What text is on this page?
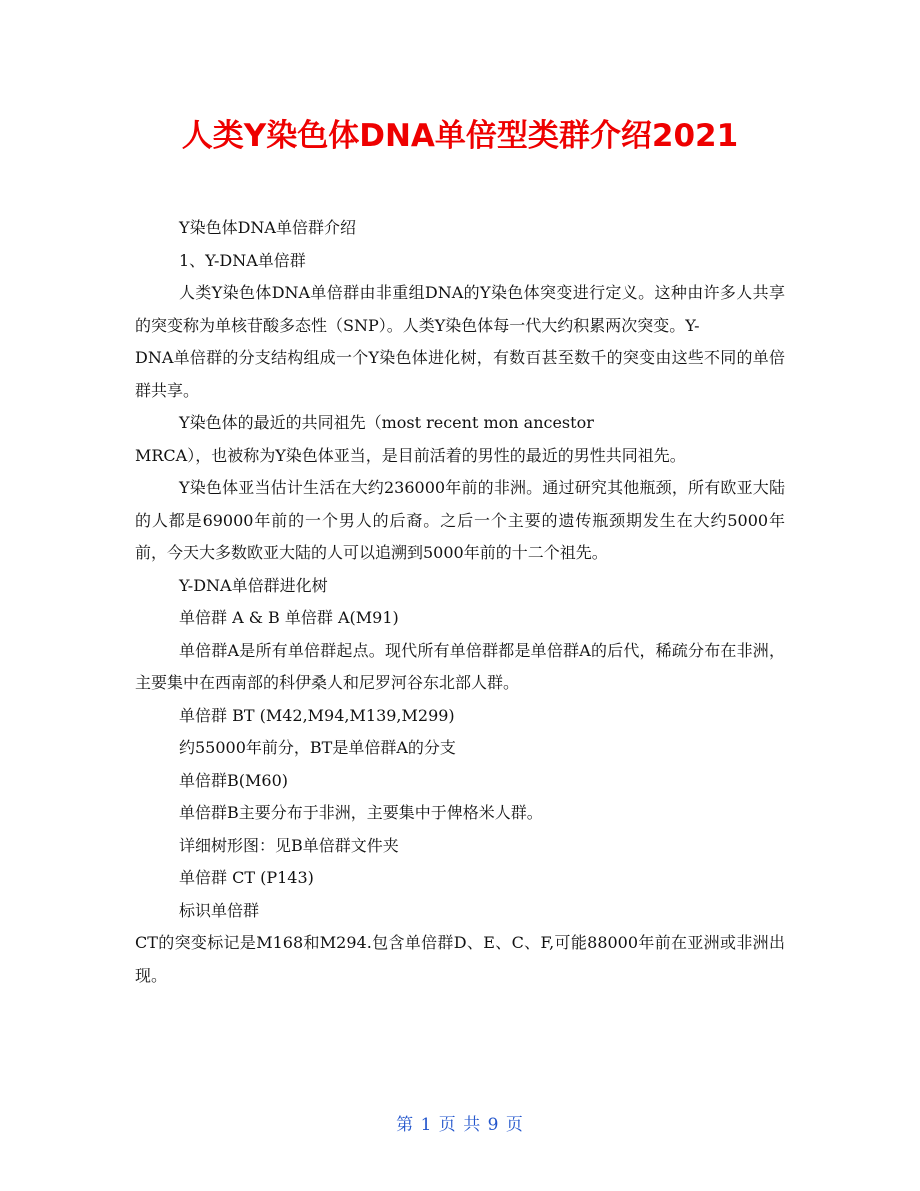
人类Y染色体DNA单倍型类群介绍2021

Y染色体DNA单倍群介绍

1、Y-DNA单倍群

人类Y染色体DNA单倍群由非重组DNA的Y染色体突变进行定义。这种由许多人共享的突变称为单核苷酸多态性（SNP）。人类Y染色体每一代大约积累两次突变。Y-

DNA单倍群的分支结构组成一个Y染色体进化树，有数百甚至数千的突变由这些不同的单倍群共享。

Y染色体的最近的共同祖先（most recent mon ancestor

MRCA），也被称为Y染色体亚当，是目前活着的男性的最近的男性共同祖先。

Y染色体亚当估计生活在大约236000年前的非洲。通过研究其他瓶颈，所有欧亚大陆的人都是69000年前的一个男人的后裔。之后一个主要的遗传瓶颈期发生在大约5000年前，今天大多数欧亚大陆的人可以追溯到5000年前的十二个祖先。

Y-DNA单倍群进化树

单倍群 A & B 单倍群 A(M91)

单倍群A是所有单倍群起点。现代所有单倍群都是单倍群A的后代，稀疏分布在非洲，主要集中在西南部的科伊桑人和尼罗河谷东北部人群。

单倍群 BT (M42,M94,M139,M299)

约55000年前分，BT是单倍群A的分支

单倍群B(M60)

单倍群B主要分布于非洲，主要集中于俾格米人群。

详细树形图：见B单倍群文件夹

单倍群 CT (P143)

标识单倍群

CT的突变标记是M168和M294.包含单倍群D、E、C、F,可能88000年前在亚洲或非洲出现。

第 1 页 共 9 页
